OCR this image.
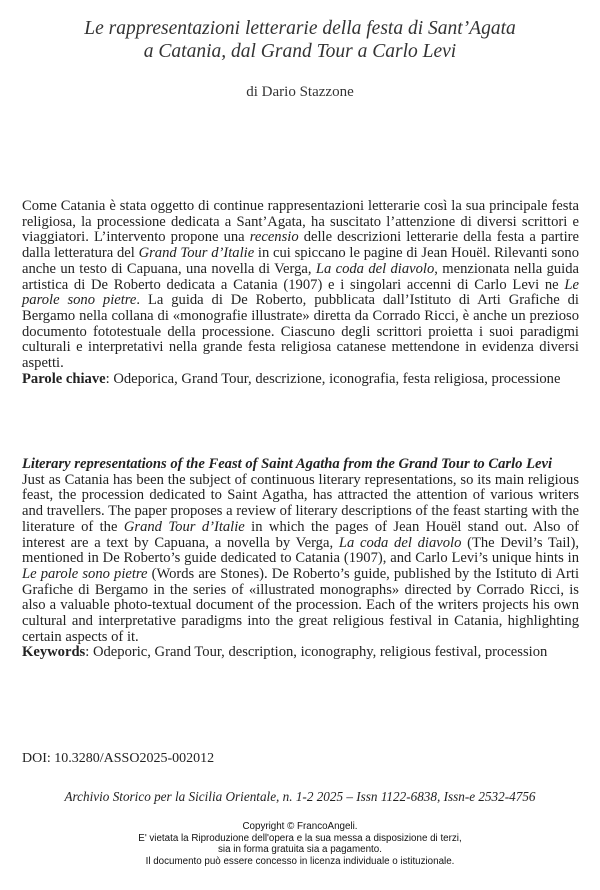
Le rappresentazioni letterarie della festa di Sant’Agata
a Catania, dal Grand Tour a Carlo Levi
di Dario Stazzone

Come Catania è stata oggetto di continue rappresentazioni letterarie così la sua principale festa religiosa, la processione dedicata a Sant’Agata, ha suscitato l’attenzione di diversi scrittori e viaggiatori. L’intervento propone una recensio delle descrizioni letterarie della festa a partire dalla letteratura del Grand Tour d’Italie in cui spiccano le pagine di Jean Houël. Rilevanti sono anche un testo di Capuana, una novella di Verga, La coda del diavolo, menzionata nella guida artistica di De Roberto dedicata a Catania (1907) e i singolari accenni di Carlo Levi ne Le parole sono pietre. La guida di De Roberto, pubblicata dall’Istituto di Arti Grafiche di Bergamo nella collana di «monografie illustrate» diretta da Corrado Ricci, è anche un prezioso documento fototestuale della processione. Ciascuno degli scrittori proietta i suoi paradigmi culturali e interpretativi nella grande festa religiosa catanese mettendone in evidenza diversi aspetti.

Parole chiave: Odeporica, Grand Tour, descrizione, iconografia, festa religiosa, processione

Literary representations of the Feast of Saint Agatha from the Grand Tour to Carlo Levi

Just as Catania has been the subject of continuous literary representations, so its main religious feast, the procession dedicated to Saint Agatha, has attracted the attention of various writers and travellers. The paper proposes a review of literary descriptions of the feast starting with the literature of the Grand Tour d’Italie in which the pages of Jean Houël stand out. Also of interest are a text by Capuana, a novella by Verga, La coda del diavolo (The Devil’s Tail), mentioned in De Roberto’s guide dedicated to Catania (1907), and Carlo Levi’s unique hints in Le parole sono pietre (Words are Stones). De Roberto’s guide, published by the Istituto di Arti Grafiche di Bergamo in the series of «illustrated monographs» directed by Corrado Ricci, is also a valuable photo-textual document of the procession. Each of the writers projects his own cultural and interpretative paradigms into the great religious festival in Catania, highlighting certain aspects of it.

Keywords: Odeporic, Grand Tour, description, iconography, religious festival, procession

DOI: 10.3280/ASSO2025-002012
Archivio Storico per la Sicilia Orientale, n. 1-2 2025 – Issn 1122-6838, Issn-e 2532-4756
Copyright © FrancoAngeli.
E' vietata la Riproduzione dell'opera e la sua messa a disposizione di terzi,
sia in forma gratuita sia a pagamento.
Il documento può essere concesso in licenza individuale o istituzionale.
